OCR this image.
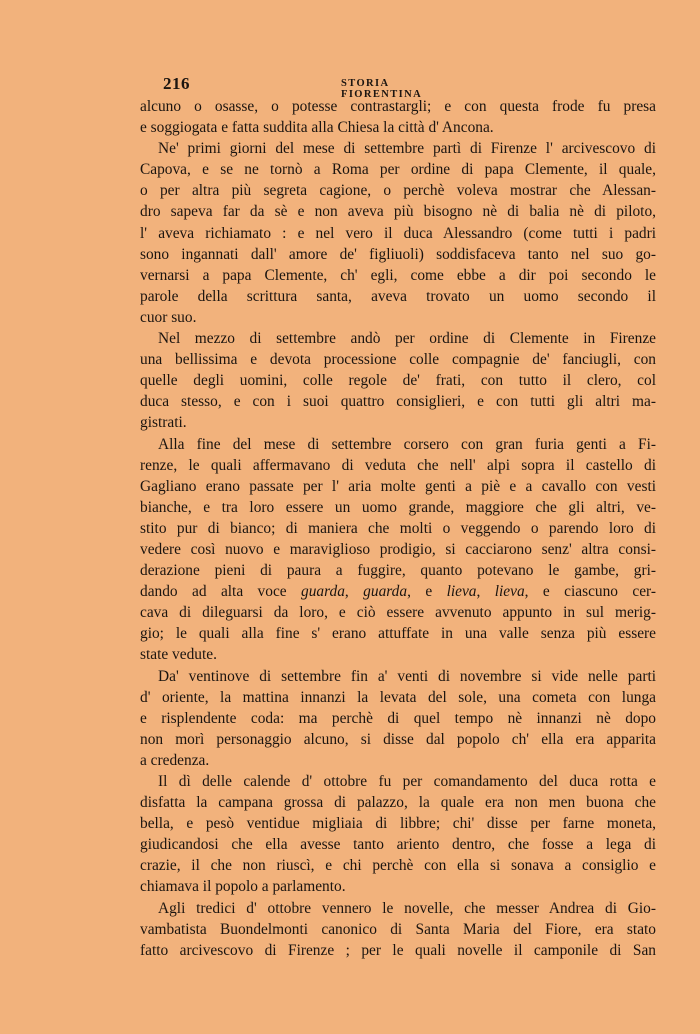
216	STORIA FIORENTINA
alcuno o osasse, o potesse contrastargli; e con questa frode fu presa
e soggiogata e fatta suddita alla Chiesa la città d' Ancona.
Ne' primi giorni del mese di settembre partì di Firenze l' arcivescovo di
Capova, e se ne tornò a Roma per ordine di papa Clemente, il quale,
o per altra più segreta cagione, o perchè voleva mostrar che Alessan-
dro sapeva far da sè e non aveva più bisogno nè di balia nè di piloto,
l' aveva richiamato : e nel vero il duca Alessandro (come tutti i padri
sono ingannati dall' amore de' figliuoli) soddisfaceva tanto nel suo go-
vernarsi a papa Clemente, ch' egli, come ebbe a dir poi secondo le
parole della scrittura santa, aveva trovato un uomo secondo il
cuor suo.
Nel mezzo di settembre andò per ordine di Clemente in Firenze
una bellissima e devota processione colle compagnie de' fanciugli, con
quelle degli uomini, colle regole de' frati, con tutto il clero, col
duca stesso, e con i suoi quattro consiglieri, e con tutti gli altri ma-
gistrati.
Alla fine del mese di settembre corsero con gran furia genti a Fi-
renze, le quali affermavano di veduta che nell' alpi sopra il castello di
Gagliano erano passate per l' aria molte genti a piè e a cavallo con vesti
bianche, e tra loro essere un uomo grande, maggiore che gli altri, ve-
stito pur di bianco; di maniera che molti o veggendo o parendo loro di
vedere così nuovo e maraviglioso prodigio, si cacciarono senz' altra consi-
derazione pieni di paura a fuggire, quanto potevano le gambe, gri-
dando ad alta voce guarda, guarda, e lieva, lieva, e ciascuno cer-
cava di dileguarsi da loro, e ciò essere avvenuto appunto in sul merig-
gio; le quali alla fine s' erano attuffate in una valle senza più essere
state vedute.
Da' ventinove di settembre fin a' venti di novembre si vide nelle parti
d' oriente, la mattina innanzi la levata del sole, una cometa con lunga
e risplendente coda: ma perchè di quel tempo nè innanzi nè dopo
non morì personaggio alcuno, si disse dal popolo ch' ella era apparita
a credenza.
Il dì delle calende d' ottobre fu per comandamento del duca rotta e
disfatta la campana grossa di palazzo, la quale era non men buona che
bella, e pesò ventidue migliaia di libbre; chi' disse per farne moneta,
giudicandosi che ella avesse tanto ariento dentro, che fosse a lega di
crazie, il che non riuscì, e chi perchè con ella si sonava a consiglio e
chiamava il popolo a parlamento.
Agli tredici d' ottobre vennero le novelle, che messer Andrea di Gio-
vambatista Buondelmonti canonico di Santa Maria del Fiore, era stato
fatto arcivescovo di Firenze ; per le quali novelle il camponile di San
